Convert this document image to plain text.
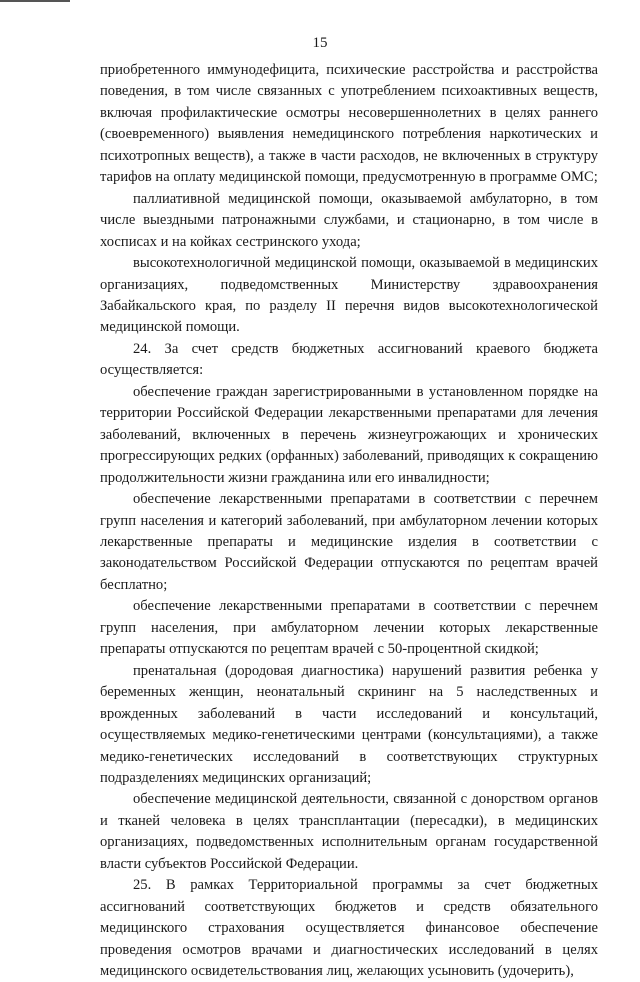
15

приобретенного иммунодефицита, психические расстройства и расстройства поведения, в том числе связанных с употреблением психоактивных веществ, включая профилактические осмотры несовершеннолетних в целях раннего (своевременного) выявления немедицинского потребления наркотических и психотропных веществ), а также в части расходов, не включенных в структуру тарифов на оплату медицинской помощи, предусмотренную в программе ОМС;

паллиативной медицинской помощи, оказываемой амбулаторно, в том числе выездными патронажными службами, и стационарно, в том числе в хосписах и на койках сестринского ухода;

высокотехнологичной медицинской помощи, оказываемой в медицинских организациях, подведомственных Министерству здравоохранения Забайкальского края, по разделу II перечня видов высокотехнологической медицинской помощи.

24. За счет средств бюджетных ассигнований краевого бюджета осуществляется:

обеспечение граждан зарегистрированными в установленном порядке на территории Российской Федерации лекарственными препаратами для лечения заболеваний, включенных в перечень жизнеугрожающих и хронических прогрессирующих редких (орфанных) заболеваний, приводящих к сокращению продолжительности жизни гражданина или его инвалидности;

обеспечение лекарственными препаратами в соответствии с перечнем групп населения и категорий заболеваний, при амбулаторном лечении которых лекарственные препараты и медицинские изделия в соответствии с законодательством Российской Федерации отпускаются по рецептам врачей бесплатно;

обеспечение лекарственными препаратами в соответствии с перечнем групп населения, при амбулаторном лечении которых лекарственные препараты отпускаются по рецептам врачей с 50-процентной скидкой;

пренатальная (дородовая диагностика) нарушений развития ребенка у беременных женщин, неонатальный скрининг на 5 наследственных и врожденных заболеваний в части исследований и консультаций, осуществляемых медико-генетическими центрами (консультациями), а также медико-генетических исследований в соответствующих структурных подразделениях медицинских организаций;

обеспечение медицинской деятельности, связанной с донорством органов и тканей человека в целях трансплантации (пересадки), в медицинских организациях, подведомственных исполнительным органам государственной власти субъектов Российской Федерации.

25. В рамках Территориальной программы за счет бюджетных ассигнований соответствующих бюджетов и средств обязательного медицинского страхования осуществляется финансовое обеспечение проведения осмотров врачами и диагностических исследований в целях медицинского освидетельствования лиц, желающих усыновить (удочерить),
